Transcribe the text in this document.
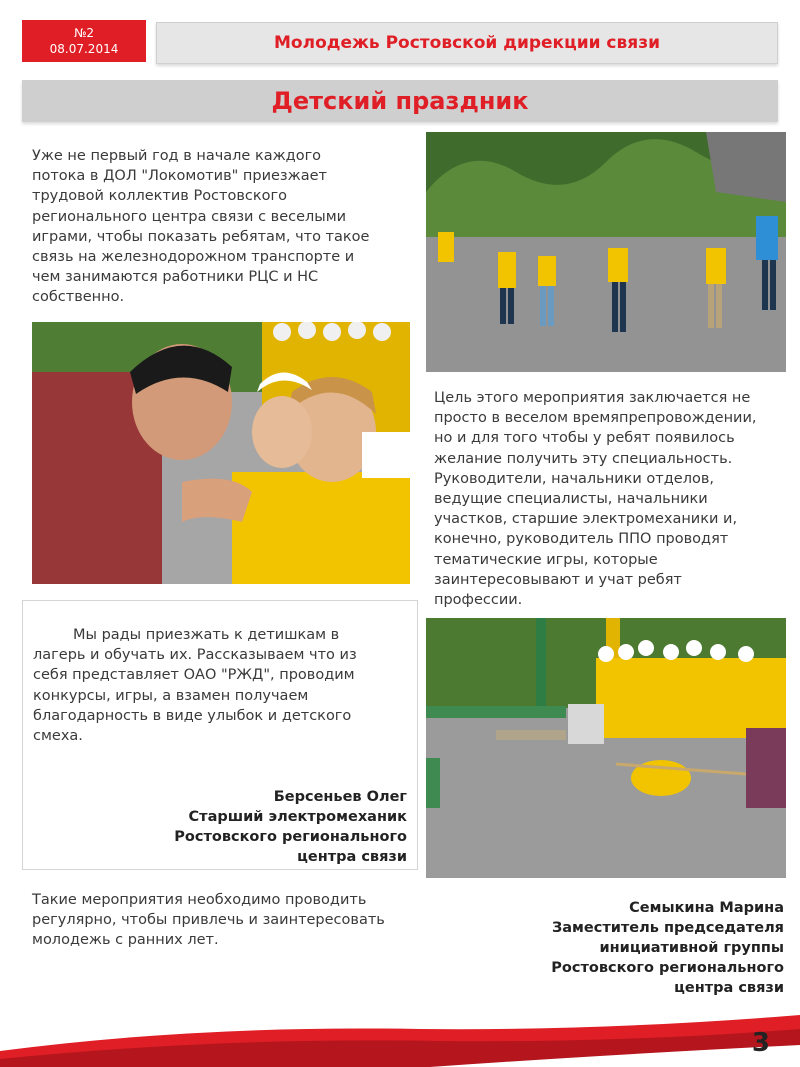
№2
08.07.2014	Молодежь Ростовской дирекции связи
Детский праздник
Уже не первый год в начале каждого
потока в ДОЛ "Локомотив" приезжает
трудовой коллектив Ростовского
регионального центра связи с веселыми
играми, чтобы показать ребятам, что такое
связь на железнодорожном транспорте и
чем занимаются работники РЦС и НС
собственно.
Цель этого мероприятия заключается не
просто в веселом времяпрепровождении,
но и для того чтобы у ребят появилось
желание получить эту специальность.
Руководители, начальники отделов,
ведущие специалисты, начальники
участков, старшие электромеханики и,
конечно, руководитель ППО проводят
тематические игры, которые
заинтересовывают и учат ребят
профессии.
Мы рады приезжать к детишкам в
лагерь и обучать их. Рассказываем что из
себя представляет ОАО "РЖД", проводим
конкурсы, игры, а взамен получаем
благодарность в виде улыбок и детского
смеха.
Берсеньев Олег
Старший электромеханик
Ростовского регионального
центра связи
Такие мероприятия необходимо проводить
регулярно, чтобы привлечь и заинтересовать
молодежь с ранних лет.
Семыкина Марина
Заместитель председателя
инициативной группы
Ростовского регионального
центра связи
3
